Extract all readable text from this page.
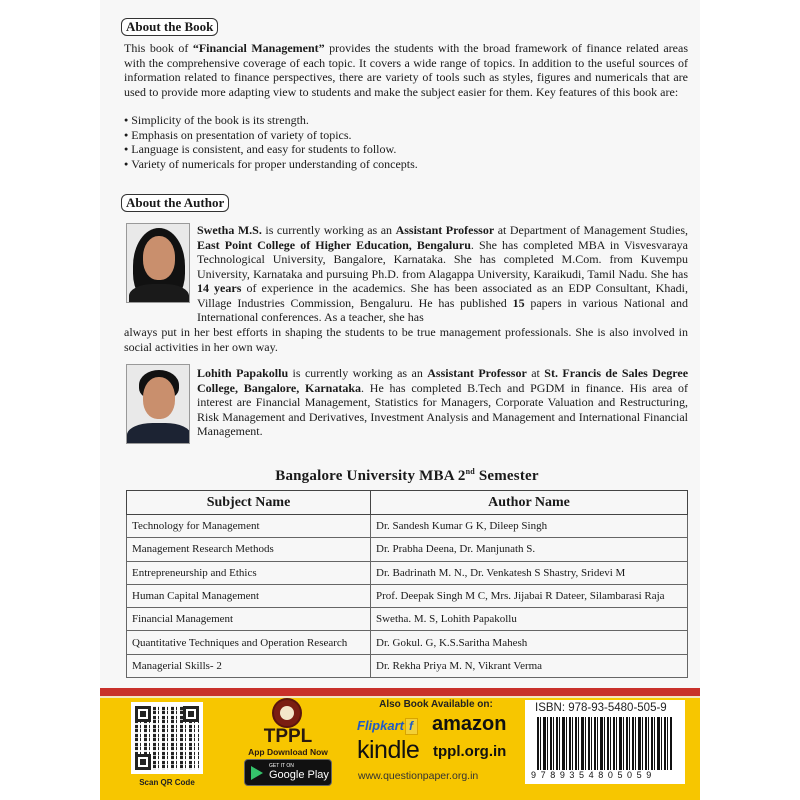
About the Book

This book of “Financial Management” provides the students with the broad framework of finance related areas with the comprehensive coverage of each topic. It covers a wide range of topics. In addition to the useful sources of information related to finance perspectives, there are variety of tools such as styles, figures and numericals that are used to provide more adapting view to students and make the subject easier for them. Key features of this book are:

● Simplicity of the book is its strength.
● Emphasis on presentation of variety of topics.
● Language is consistent, and easy for students to follow.
● Variety of numericals for proper understanding of concepts.
About the Author

Swetha M.S. is currently working as an Assistant Professor at Department of Management Studies, East Point College of Higher Education, Bengaluru. She has completed MBA in Visvesvaraya Technological University, Bangalore, Karnataka. She has completed M.Com. from Kuvempu University, Karnataka and pursuing Ph.D. from Alagappa University, Karaikudi, Tamil Nadu. She has 14 years of experience in the academics. She has been associated as an EDP Consultant, Khadi, Village Industries Commission, Bengaluru. He has published 15 papers in various National and International conferences. As a teacher, she has

always put in her best efforts in shaping the students to be true management professionals. She is also involved in social activities in her own way.

Lohith Papakollu is currently working as an Assistant Professor at St. Francis de Sales Degree College, Bangalore, Karnataka. He has completed B.Tech and PGDM in finance. His area of interest are Financial Management, Statistics for Managers, Corporate Valuation and Restructuring, Risk Management and Derivatives, Investment Analysis and Management and International Financial Management.

Bangalore University MBA 2nd Semester
Subject Name	Author Name
Technology for Management	Dr. Sandesh Kumar G K, Dileep Singh
Management Research Methods	Dr. Prabha Deena, Dr. Manjunath S.
Entrepreneurship and Ethics	Dr. Badrinath M. N., Dr. Venkatesh S Shastry, Sridevi M
Human Capital Management	Prof. Deepak Singh M C, Mrs. Jijabai R Dateer, Silambarasi Raja
Financial Management	Swetha. M. S, Lohith Papakollu
Quantitative Techniques and Operation Research	Dr. Gokul. G, K.S.Saritha Mahesh
Managerial Skills- 2	Dr. Rekha Priya M. N, Vikrant Verma
Scan QR Code
TPPL
App Download Now
GET IT ON
Google Play
Also Book Available on:
Flipkart f amazon
kindle tppl.org.in
www.questionpaper.org.in
ISBN: 978-93-5480-505-9
9789354805059
